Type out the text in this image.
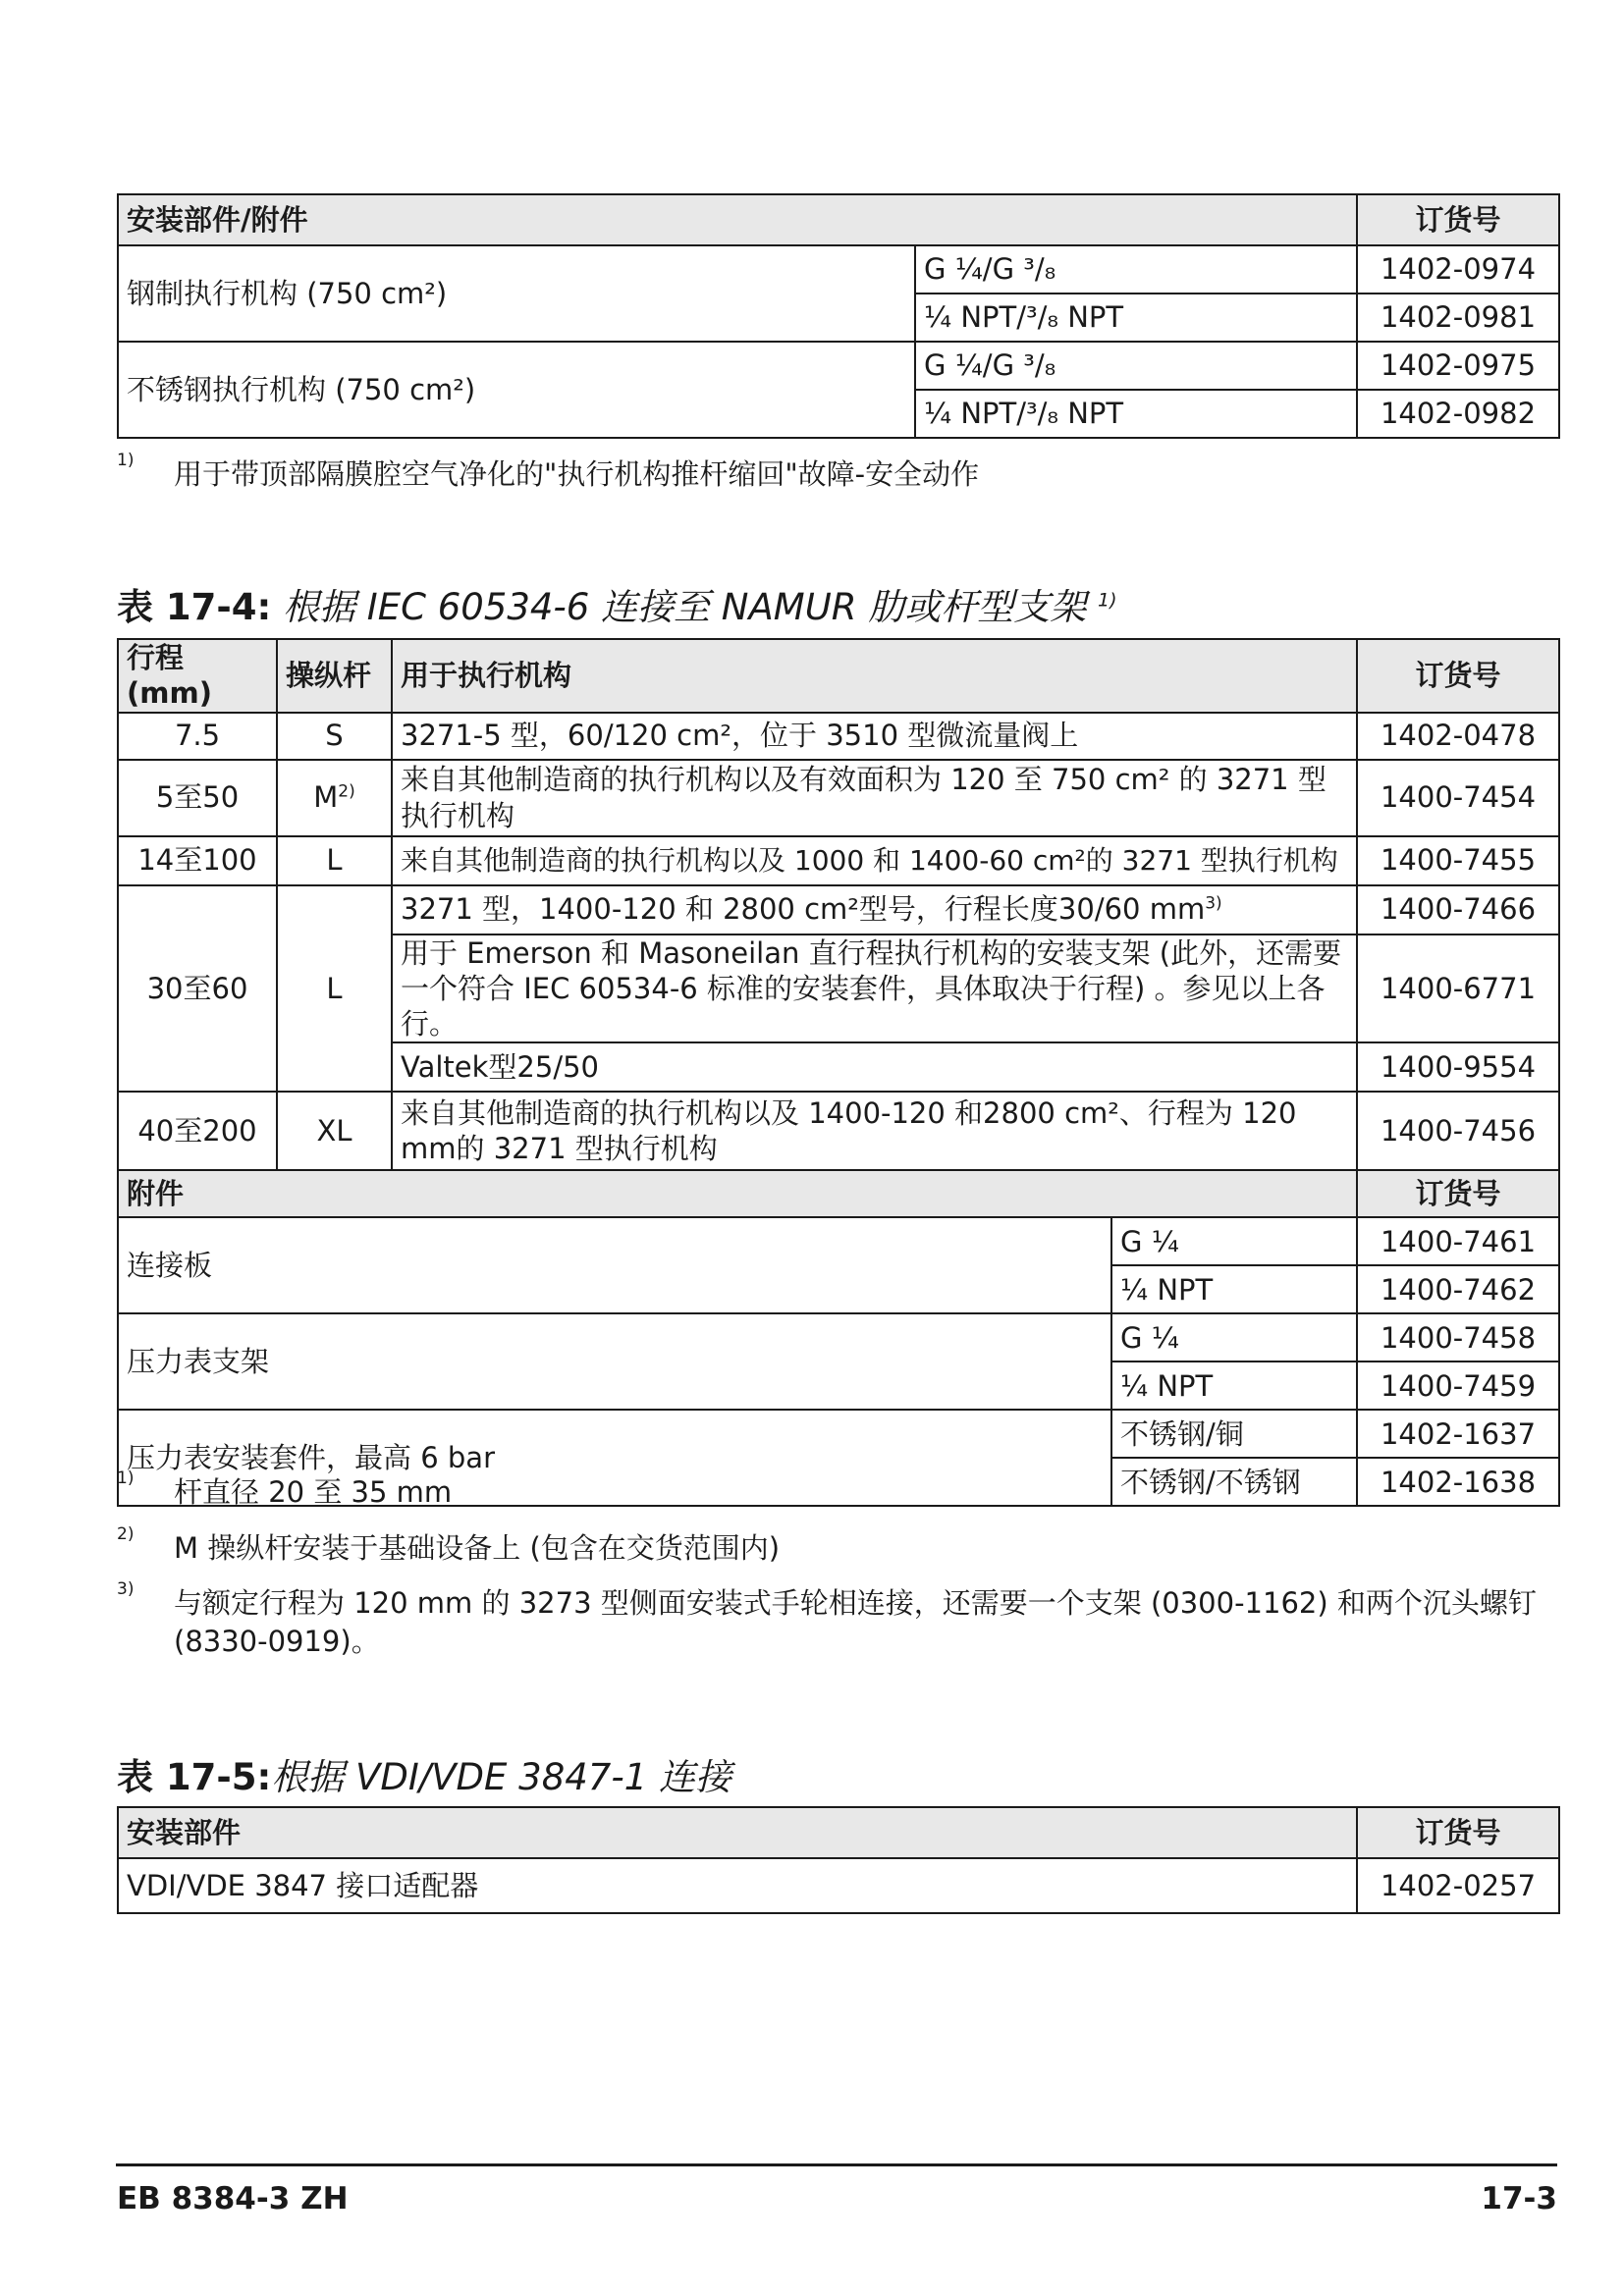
安装部件/附件		订货号
钢制执行机构 (750 cm²)	G ¼/G ³/₈	1402-0974
	¼ NPT/³/₈ NPT	1402-0981
不锈钢执行机构 (750 cm²)	G ¼/G ³/₈	1402-0975
	¼ NPT/³/₈ NPT	1402-0982
1) 用于带顶部隔膜腔空气净化的"执行机构推杆缩回"故障-安全动作
表 17-4: 根据 IEC 60534-6 连接至 NAMUR 肋或杆型支架 $^{1)}$
行程(mm)	操纵杆	用于执行机构		订货号
7.5	S	3271-5 型，60/120 cm²，位于 3510 型微流量阀上		1402-0478
5至50	$M^{2)}$	来自其他制造商的执行机构以及有效面积为 120 至 750 cm² 的 3271 型执行机构		1400-7454
14至100	L	来自其他制造商的执行机构以及 1000 和 1400-60 cm²的 3271 型执行机构		1400-7455
30至60	L	3271 型，1400-120 和 2800 cm²型号，行程长度30/60 $mm^{3)}$		1400-7466
		用于 Emerson 和 Masoneilan 直行程执行机构的安装支架 (此外，还需要一个符合 IEC 60534-6 标准的安装套件，具体取决于行程) 。参见以上各行。		1400-6771
		Valtek型25/50		1400-9554
40至200	XL	来自其他制造商的执行机构以及 1400-120 和2800 cm²、行程为 120 mm的 3271 型执行机构		1400-7456
附件				订货号
连接板			G ¼	1400-7461
			¼ NPT	1400-7462
压力表支架			G ¼	1400-7458
			¼ NPT	1400-7459
压力表安装套件，最高 6 bar			不锈钢/铜	1402-1637
			不锈钢/不锈钢	1402-1638
1) 杆直径 20 至 35 mm
2) M 操纵杆安装于基础设备上 (包含在交货范围内)
3) 与额定行程为 120 mm 的 3273 型侧面安装式手轮相连接，还需要一个支架 (0300-1162) 和两个沉头螺钉 (8330-0919)。
表 17-5:根据 VDI/VDE 3847-1 连接
安装部件	订货号
VDI/VDE 3847 接口适配器	1402-0257
EB 8384-3 ZH	17-3
